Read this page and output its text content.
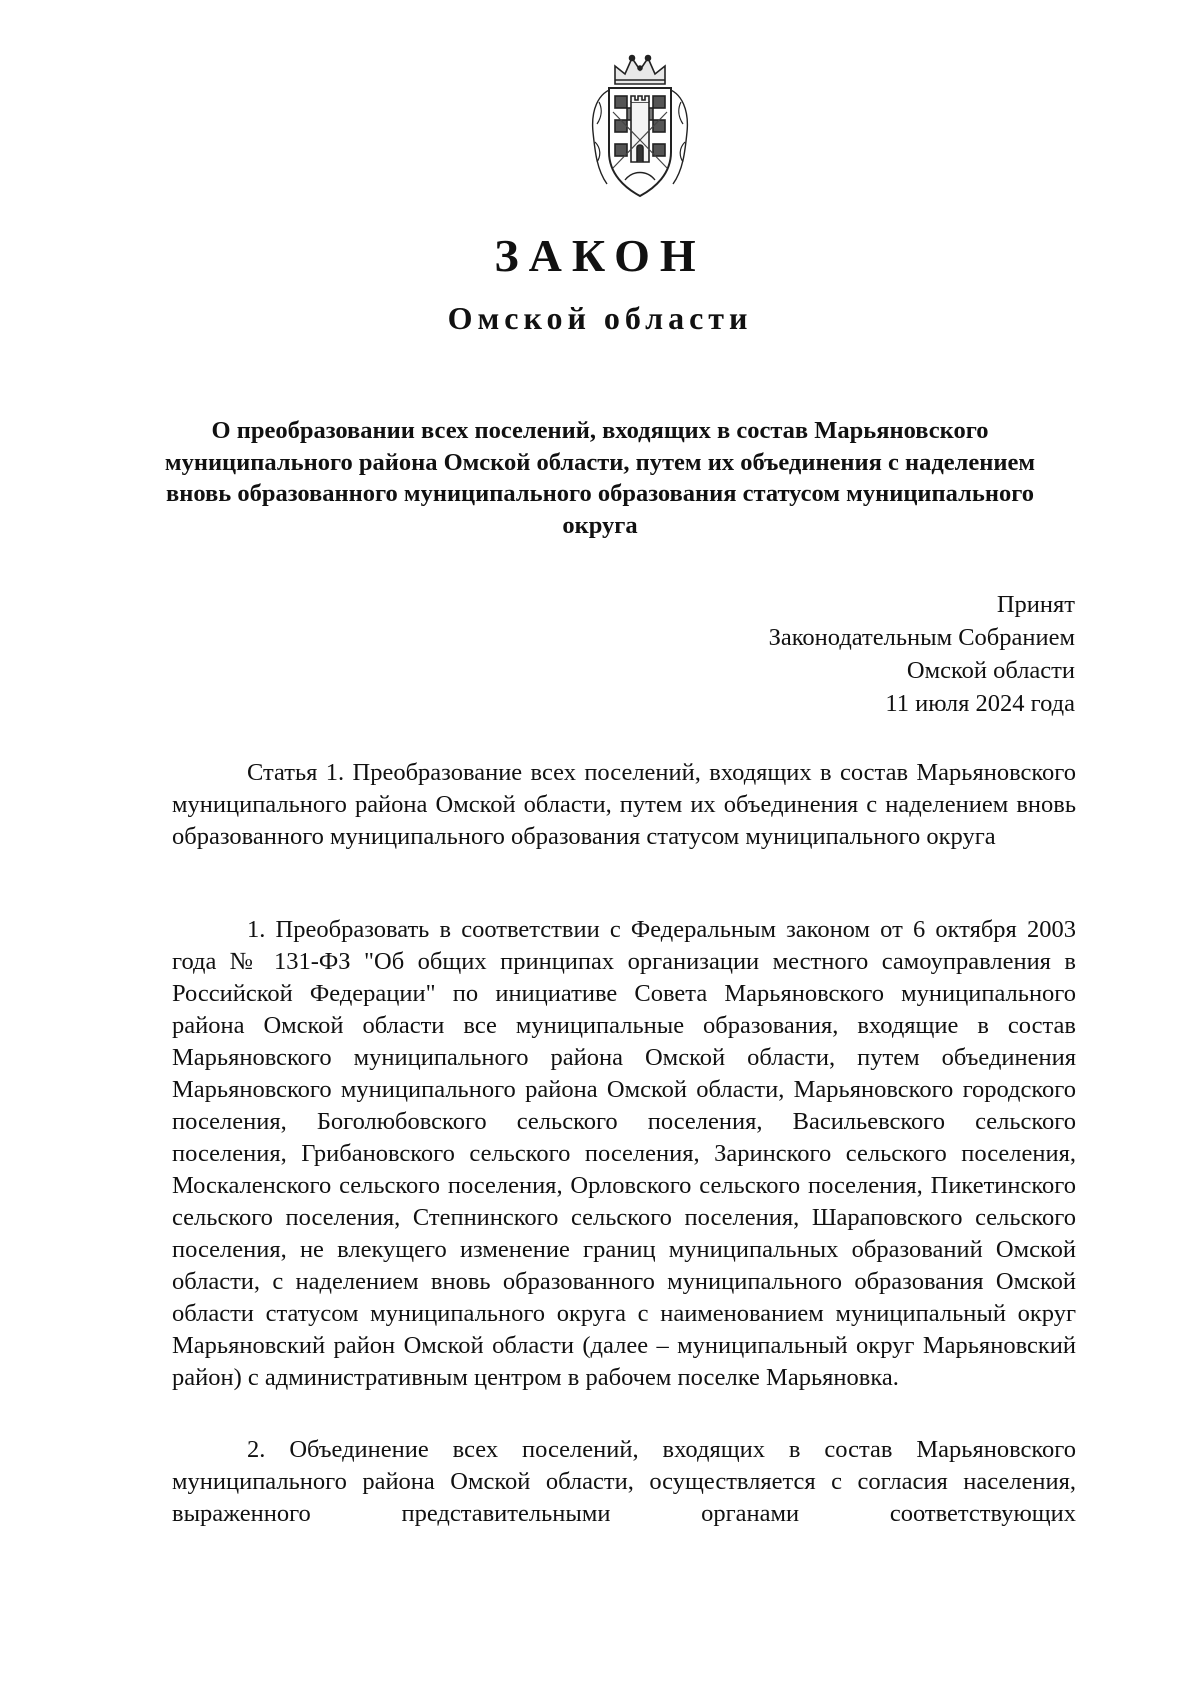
ЗАКОН
Омской области
О преобразовании всех поселений, входящих в состав Марьяновского муниципального района Омской области, путем их объединения с наделением вновь образованного муниципального образования статусом муниципального округа
Принят
Законодательным Собранием
Омской области
11 июля 2024 года

Статья 1. Преобразование всех поселений, входящих в состав Марьяновского муниципального района Омской области, путем их объединения с наделением вновь образованного муниципального образования статусом муниципального округа

1. Преобразовать в соответствии с Федеральным законом от 6 октября 2003 года № 131-ФЗ "Об общих принципах организации местного самоуправления в Российской Федерации" по инициативе Совета Марьяновского муниципального района Омской области все муниципальные образования, входящие в состав Марьяновского муниципального района Омской области, путем объединения Марьяновского муниципального района Омской области, Марьяновского городского поселения, Боголюбовского сельского поселения, Васильевского сельского поселения, Грибановского сельского поселения, Заринского сельского поселения, Москаленского сельского поселения, Орловского сельского поселения, Пикетинского сельского поселения, Степнинского сельского поселения, Шараповского сельского поселения, не влекущего изменение границ муниципальных образований Омской области, с наделением вновь образованного муниципального образования Омской области статусом муниципального округа с наименованием муниципальный округ Марьяновский район Омской области (далее – муниципальный округ Марьяновский район) с административным центром в рабочем поселке Марьяновка.

2. Объединение всех поселений, входящих в состав Марьяновского муниципального района Омской области, осуществляется с согласия населения, выраженного представительными органами соответствующих
